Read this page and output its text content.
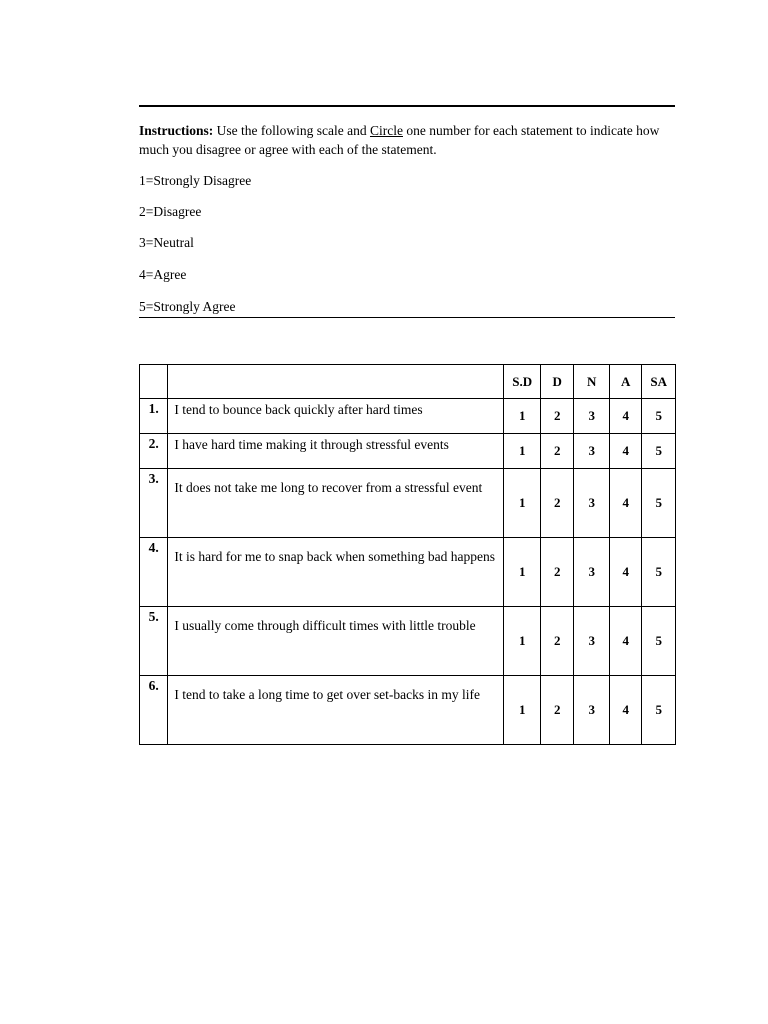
Instructions: Use the following scale and Circle one number for each statement to indicate how much you disagree or agree with each of the statement.
1=Strongly Disagree
2=Disagree
3=Neutral
4=Agree
5=Strongly Agree
		S.D	D	N	A	SA
1.	I tend to bounce back quickly after hard times	1	2	3	4	5
2.	I have hard time making it through stressful events	1	2	3	4	5
3.	It does not take me long to recover from a stressful event	1	2	3	4	5
4.	It is hard for me to snap back when something bad happens	1	2	3	4	5
5.	I usually come through difficult times with little trouble	1	2	3	4	5
6.	I tend to take a long time to get over set-backs in my life	1	2	3	4	5
